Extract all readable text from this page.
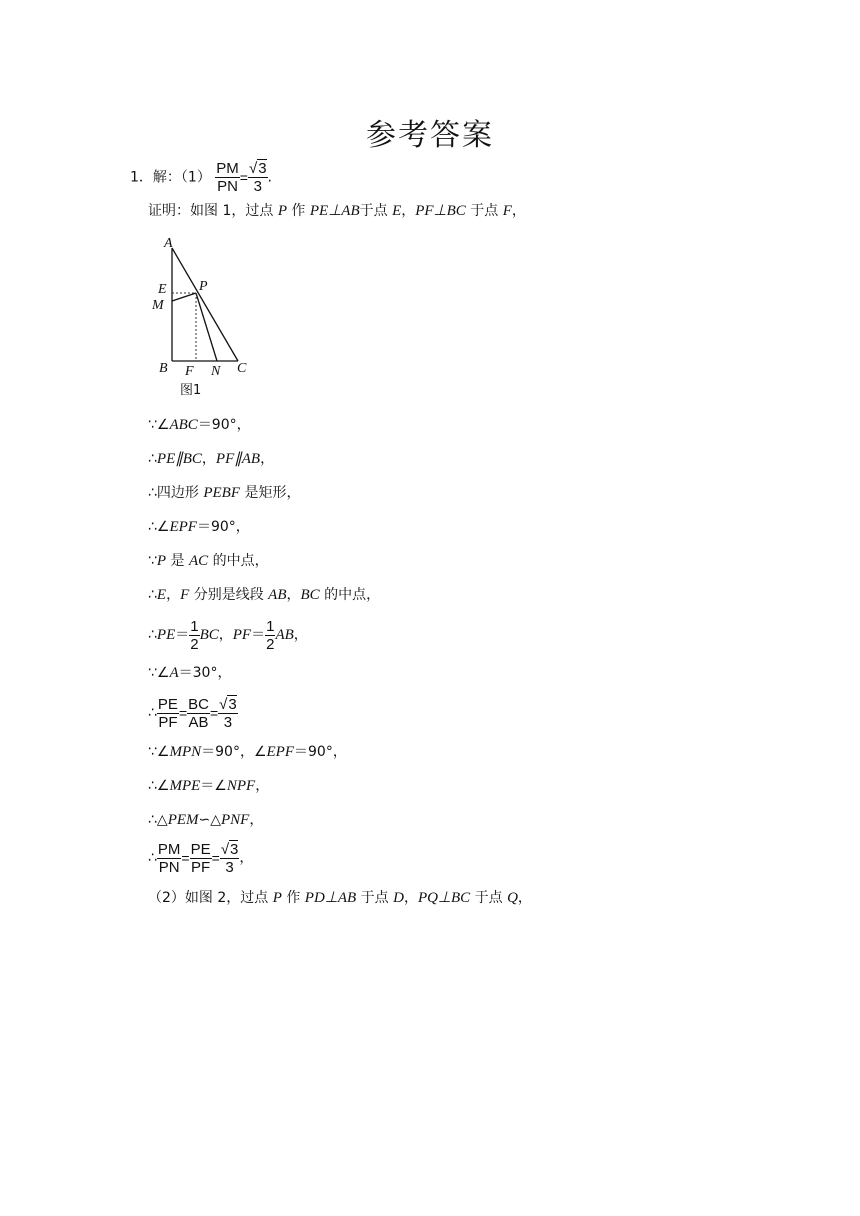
参考答案
1．解：$(1) \frac{PM}{PN} = \frac{√3}{3}$ .
证明：如图 1，过点 P 作 PE⊥AB于点 E，PF⊥BC 于点 F，
A
E
M
P
B F N C
图1
∵∠ABC＝90°，
∴PE∥BC，PF∥AB，
∴四边形 PEBF 是矩形，
∴∠EPF＝90°，
∵P 是 AC 的中点，
∴E，F 分别是线段 AB，BC 的中点，
∴PE＝ $\frac{1}{2}$ BC，$PF= \frac{1}{2}$ AB，
∵∠A＝30°，
∴ $\frac{PE}{PF} = \frac{BC}{AB} = \frac{√3}{3}$
∵∠MPN＝90°，∠EPF＝90°，
∴∠MPE＝∠NPF，
∴△PEM∽△PNF，
∴ $\frac{PM}{PN} = \frac{PE}{PF} = \frac{√3}{3}$ ，
（2）如图 2，过点 P 作 PD⊥AB 于点 D，PQ⊥BC 于点 Q，
